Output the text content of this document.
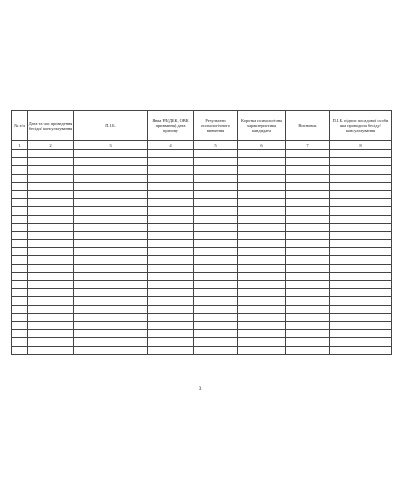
№ з/п	Дата та час проведення бесіди/ консультування	П.І.Б.	Явка РЛ(ДБК, ОВК призвання) дата призову	Результати психологічного вивчення	Коротка психологічна характеристика кандидата	Висновок	П.І.Б. підпис посадової особи яка проводила бесіду/консультування
1	2	3	4	5	6	7	8

3
